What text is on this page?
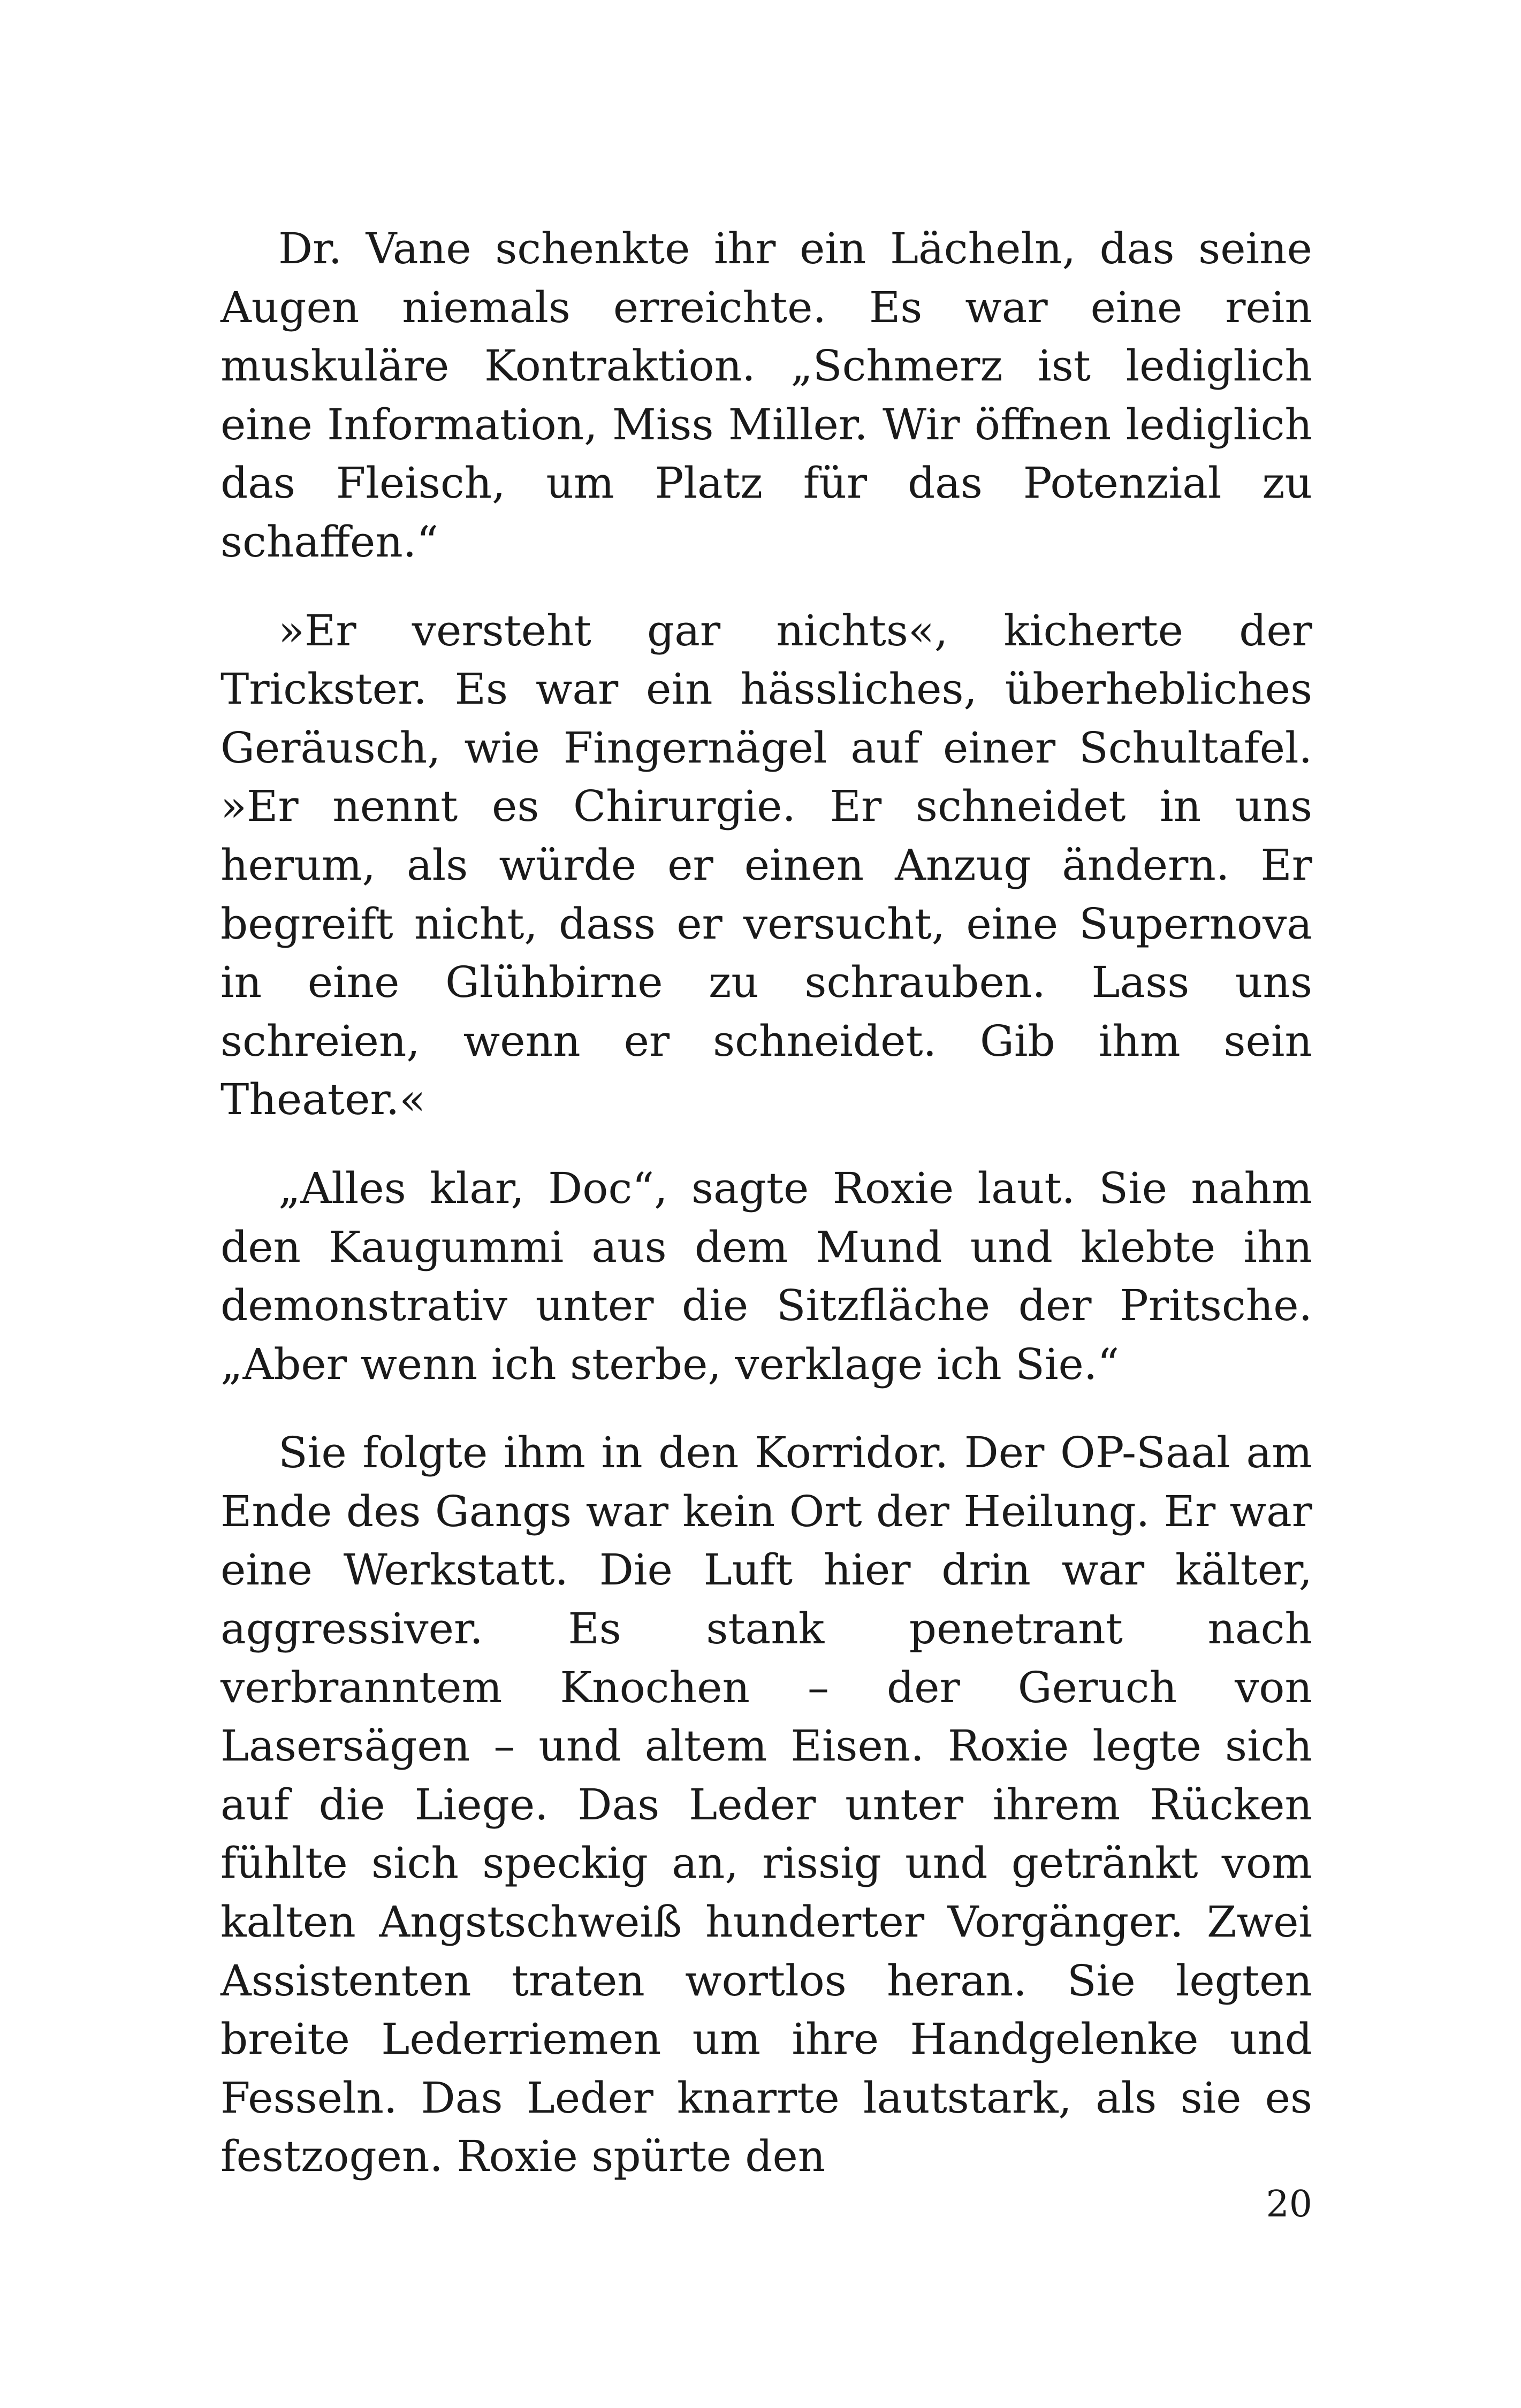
Dr. Vane schenkte ihr ein Lächeln, das seine Augen niemals erreichte. Es war eine rein muskuläre Kontraktion. „Schmerz ist lediglich eine Information, Miss Miller. Wir öffnen lediglich das Fleisch, um Platz für das Potenzial zu schaffen.“

»Er versteht gar nichts«, kicherte der Trickster. Es war ein hässliches, überhebliches Geräusch, wie Fingernägel auf einer Schultafel. »Er nennt es Chirurgie. Er schneidet in uns herum, als würde er einen Anzug ändern. Er begreift nicht, dass er versucht, eine Supernova in eine Glühbirne zu schrauben. Lass uns schreien, wenn er schneidet. Gib ihm sein Theater.«

„Alles klar, Doc“, sagte Roxie laut. Sie nahm den Kaugummi aus dem Mund und klebte ihn demonstrativ unter die Sitzfläche der Pritsche. „Aber wenn ich sterbe, verklage ich Sie.“

Sie folgte ihm in den Korridor. Der OP-Saal am Ende des Gangs war kein Ort der Heilung. Er war eine Werkstatt. Die Luft hier drin war kälter, aggressiver. Es stank penetrant nach verbranntem Knochen – der Geruch von Lasersägen – und altem Eisen. Roxie legte sich auf die Liege. Das Leder unter ihrem Rücken fühlte sich speckig an, rissig und getränkt vom kalten Angstschweiß hunderter Vorgänger. Zwei Assistenten traten wortlos heran. Sie legten breite Lederriemen um ihre Handgelenke und Fesseln. Das Leder knarrte lautstark, als sie es festzogen. Roxie spürte den

20
